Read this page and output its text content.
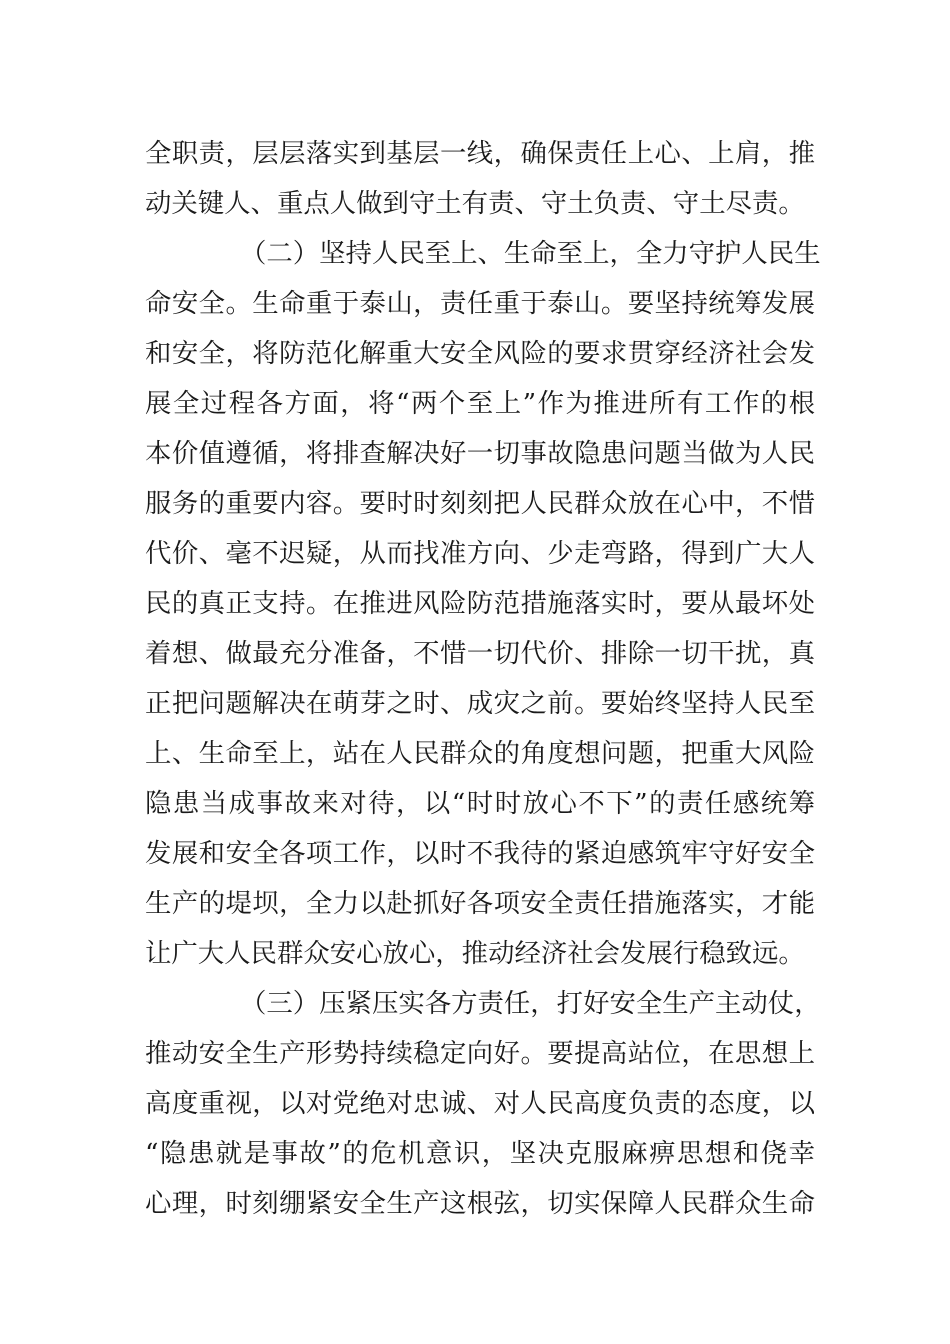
全职责，层层落实到基层一线，确保责任上心、上肩，推
动关键人、重点人做到守土有责、守土负责、守土尽责。
（二）坚持人民至上、生命至上，全力守护人民生
命安全。生命重于泰山，责任重于泰山。要坚持统筹发展
和安全，将防范化解重大安全风险的要求贯穿经济社会发
展全过程各方面，将“两个至上”作为推进所有工作的根
本价值遵循，将排查解决好一切事故隐患问题当做为人民
服务的重要内容。要时时刻刻把人民群众放在心中，不惜
代价、毫不迟疑，从而找准方向、少走弯路，得到广大人
民的真正支持。在推进风险防范措施落实时，要从最坏处
着想、做最充分准备，不惜一切代价、排除一切干扰，真
正把问题解决在萌芽之时、成灾之前。要始终坚持人民至
上、生命至上，站在人民群众的角度想问题，把重大风险
隐患当成事故来对待，以“时时放心不下”的责任感统筹
发展和安全各项工作，以时不我待的紧迫感筑牢守好安全
生产的堤坝，全力以赴抓好各项安全责任措施落实，才能
让广大人民群众安心放心，推动经济社会发展行稳致远。
（三）压紧压实各方责任，打好安全生产主动仗，
推动安全生产形势持续稳定向好。要提高站位，在思想上
高度重视，以对党绝对忠诚、对人民高度负责的态度，以
“隐患就是事故”的危机意识，坚决克服麻痹思想和侥幸
心理，时刻绷紧安全生产这根弦，切实保障人民群众生命
